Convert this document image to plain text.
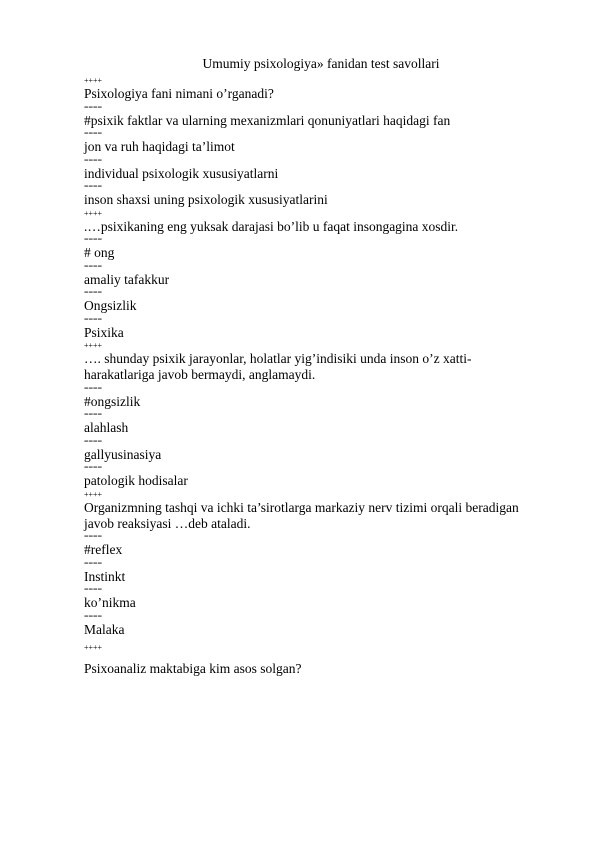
Umumiy psixologiya» fanidan test savollari
++++
Psixologiya fani nimani o’rganadi?
====
#psixik faktlar va ularning mexanizmlari qonuniyatlari haqidagi fan
====
jon va ruh haqidagi ta’limot
====
individual psixologik xususiyatlarni
====
inson shaxsi uning psixologik xususiyatlarini
++++
.…psixikaning eng yuksak darajasi bo’lib u faqat insongagina xosdir.
====
# ong
====
amaliy tafakkur
====
Ongsizlik
====
Psixika
++++
…. shunday psixik jarayonlar, holatlar yig’indisiki unda inson o’z xatti-
harakatlariga javob bermaydi, anglamaydi.
====
#ongsizlik
====
alahlash
====
gallyusinasiya
====
patologik hodisalar
++++
Organizmning tashqi va ichki ta’sirotlarga markaziy nerv tizimi orqali beradigan
javob reaksiyasi …deb ataladi.
====
#reflex
====
Instinkt
====
ko’nikma
====
Malaka
++++
Psixoanaliz maktabiga kim asos solgan?
